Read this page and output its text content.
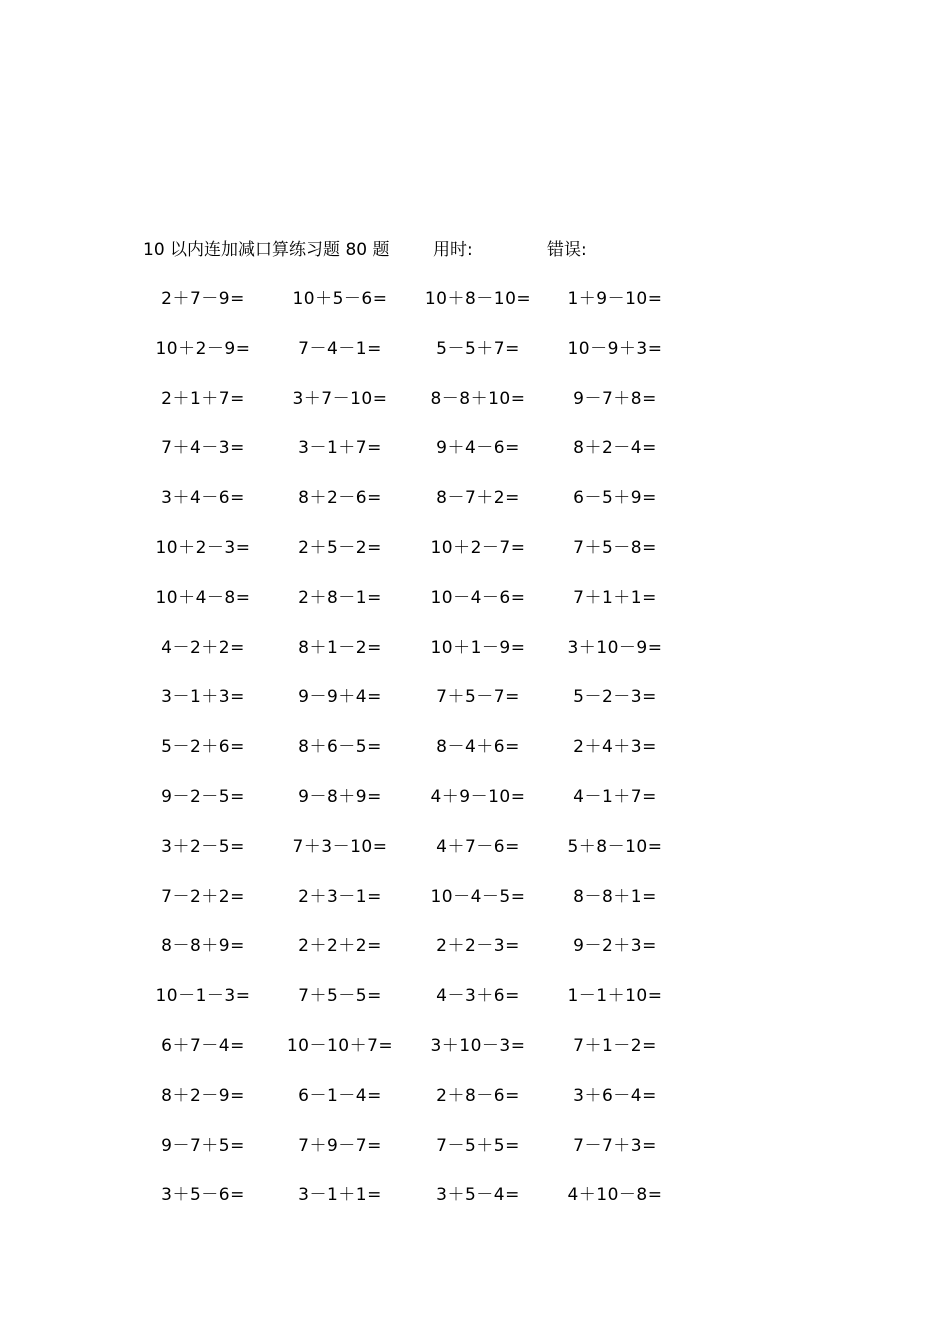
10 以内连加减口算练习题 80 题	用时:	错误:
2＋7－9=	10＋5－6=	10＋8－10=	1＋9－10=
10＋2－9=	7－4－1=	5－5＋7=	10－9＋3=
2＋1＋7=	3＋7－10=	8－8＋10=	9－7＋8=
7＋4－3=	3－1＋7=	9＋4－6=	8＋2－4=
3＋4－6=	8＋2－6=	8－7＋2=	6－5＋9=
10＋2－3=	2＋5－2=	10＋2－7=	7＋5－8=
10＋4－8=	2＋8－1=	10－4－6=	7＋1＋1=
4－2＋2=	8＋1－2=	10＋1－9=	3＋10－9=
3－1＋3=	9－9＋4=	7＋5－7=	5－2－3=
5－2＋6=	8＋6－5=	8－4＋6=	2＋4＋3=
9－2－5=	9－8＋9=	4＋9－10=	4－1＋7=
3＋2－5=	7＋3－10=	4＋7－6=	5＋8－10=
7－2＋2=	2＋3－1=	10－4－5=	8－8＋1=
8－8＋9=	2＋2＋2=	2＋2－3=	9－2＋3=
10－1－3=	7＋5－5=	4－3＋6=	1－1＋10=
6＋7－4=	10－10＋7=	3＋10－3=	7＋1－2=
8＋2－9=	6－1－4=	2＋8－6=	3＋6－4=
9－7＋5=	7＋9－7=	7－5＋5=	7－7＋3=
3＋5－6=	3－1＋1=	3＋5－4=	4＋10－8=
